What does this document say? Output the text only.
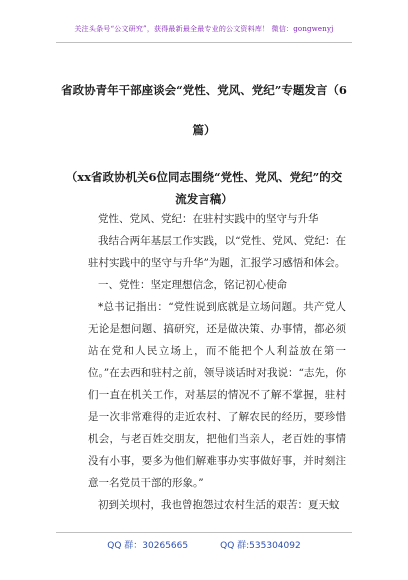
关注头条号“公文研究”，获得最新最全最专业的公文资料库！ 微信：gongwenyj
省政协青年干部座谈会“党性、党风、党纪”专题发言（6
篇）
（xx省政协机关6位同志围绕“党性、党风、党纪”的交
流发言稿）

党性、党风、党纪：在驻村实践中的坚守与升华

我结合两年基层工作实践，以“党性、党风、党纪：在驻村实践中的坚守与升华”为题，汇报学习感悟和体会。

一、党性：坚定理想信念，铭记初心使命

*总书记指出：“党性说到底就是立场问题。共产党人无论是想问题、搞研究，还是做决策、办事情，都必须站在党和人民立场上，而不能把个人利益放在第一位。”在去西和驻村之前，领导谈话时对我说：“志先，你们一直在机关工作，对基层的情况不了解不掌握，驻村是一次非常难得的走近农村、了解农民的经历，要珍惜机会，与老百姓交朋友，把他们当亲人，老百姓的事情没有小事，要多为他们解难事办实事做好事，并时刻注意一名党员干部的形象。”

初到关坝村，我也曾抱怨过农村生活的艰苦：夏天蚊

QQ 群：30265665	QQ 群:535304092
